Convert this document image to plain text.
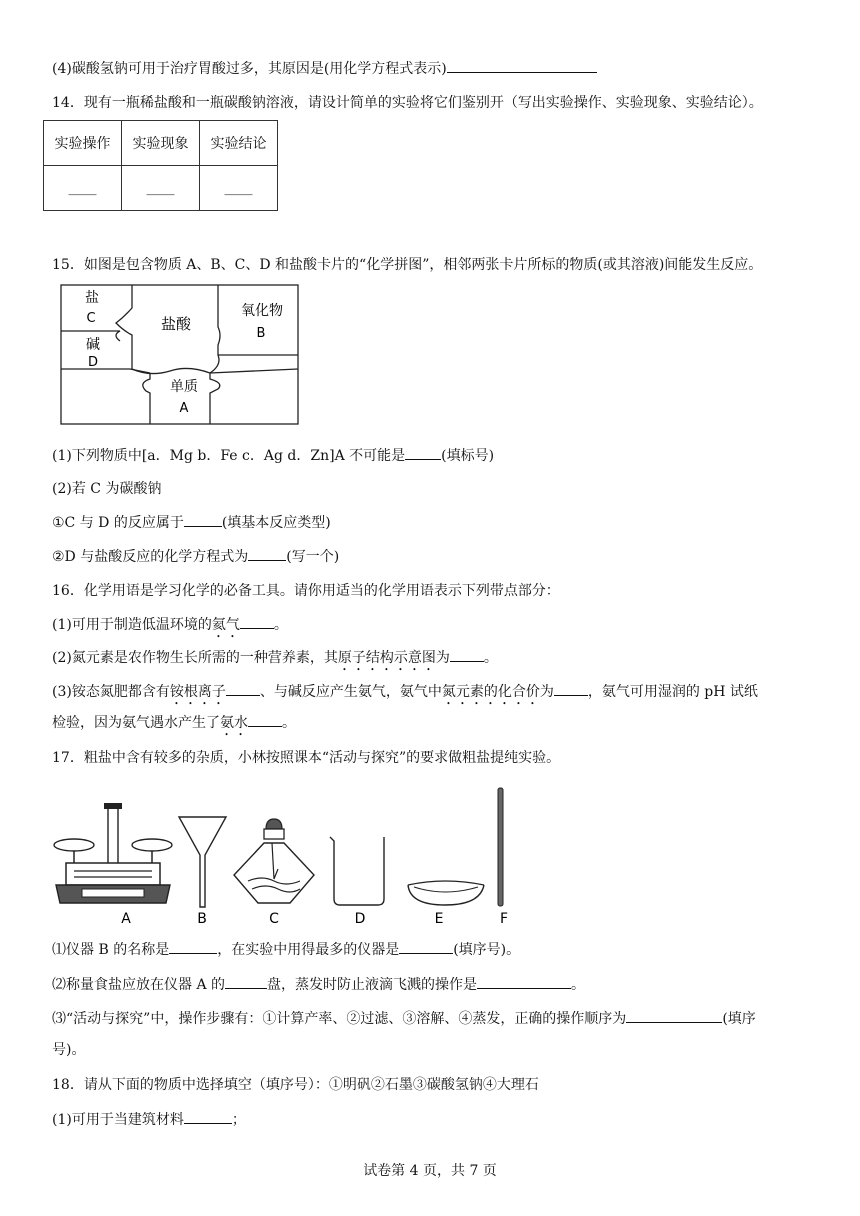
(4)碳酸氢钠可用于治疗胃酸过多，其原因是(用化学方程式表示)
14．现有一瓶稀盐酸和一瓶碳酸钠溶液，请设计简单的实验将它们鉴别开（写出实验操作、实验现象、实验结论）。
实验操作	实验现象	实验结论
____	____	____
15．如图是包含物质 A、B、C、D 和盐酸卡片的“化学拼图”，相邻两张卡片所标的物质(或其溶液)间能发生反应。
盐
C
碱
D
盐酸
氧化物
B
单质
A
(1)下列物质中[a．Mg b．Fe c．Ag d．Zn]A 不可能是	(填标号)
(2)若 C 为碳酸钠
①C 与 D 的反应属于	(填基本反应类型)
②D 与盐酸反应的化学方程式为	(写一个)
16．化学用语是学习化学的必备工具。请你用适当的化学用语表示下列带点部分：
(1)可用于制造低温环境的氦气 。
(2)氮元素是农作物生长所需的一种营养素，其原子结构示意图为 。
(3)铵态氮肥都含有铵根离子 、与碱反应产生氨气，氨气中氮元素的化合价为 ，氨气可用湿润的 pH 试纸
检验，因为氨气遇水产生了氨水 。
17．粗盐中含有较多的杂质，小林按照课本“活动与探究”的要求做粗盐提纯实验。
A	B	C	D	E	F
⑴仪器 B 的名称是	，在实验中用得最多的仪器是	(填序号)。
⑵称量食盐应放在仪器 A 的	盘，蒸发时防止液滴飞溅的操作是	。
⑶“活动与探究”中，操作步骤有：①计算产率、②过滤、③溶解、④蒸发，正确的操作顺序为	(填序
号)。
18．请从下面的物质中选择填空（填序号）：①明矾②石墨③碳酸氢钠④大理石
(1)可用于当建筑材料	；
试卷第 4 页，共 7 页
